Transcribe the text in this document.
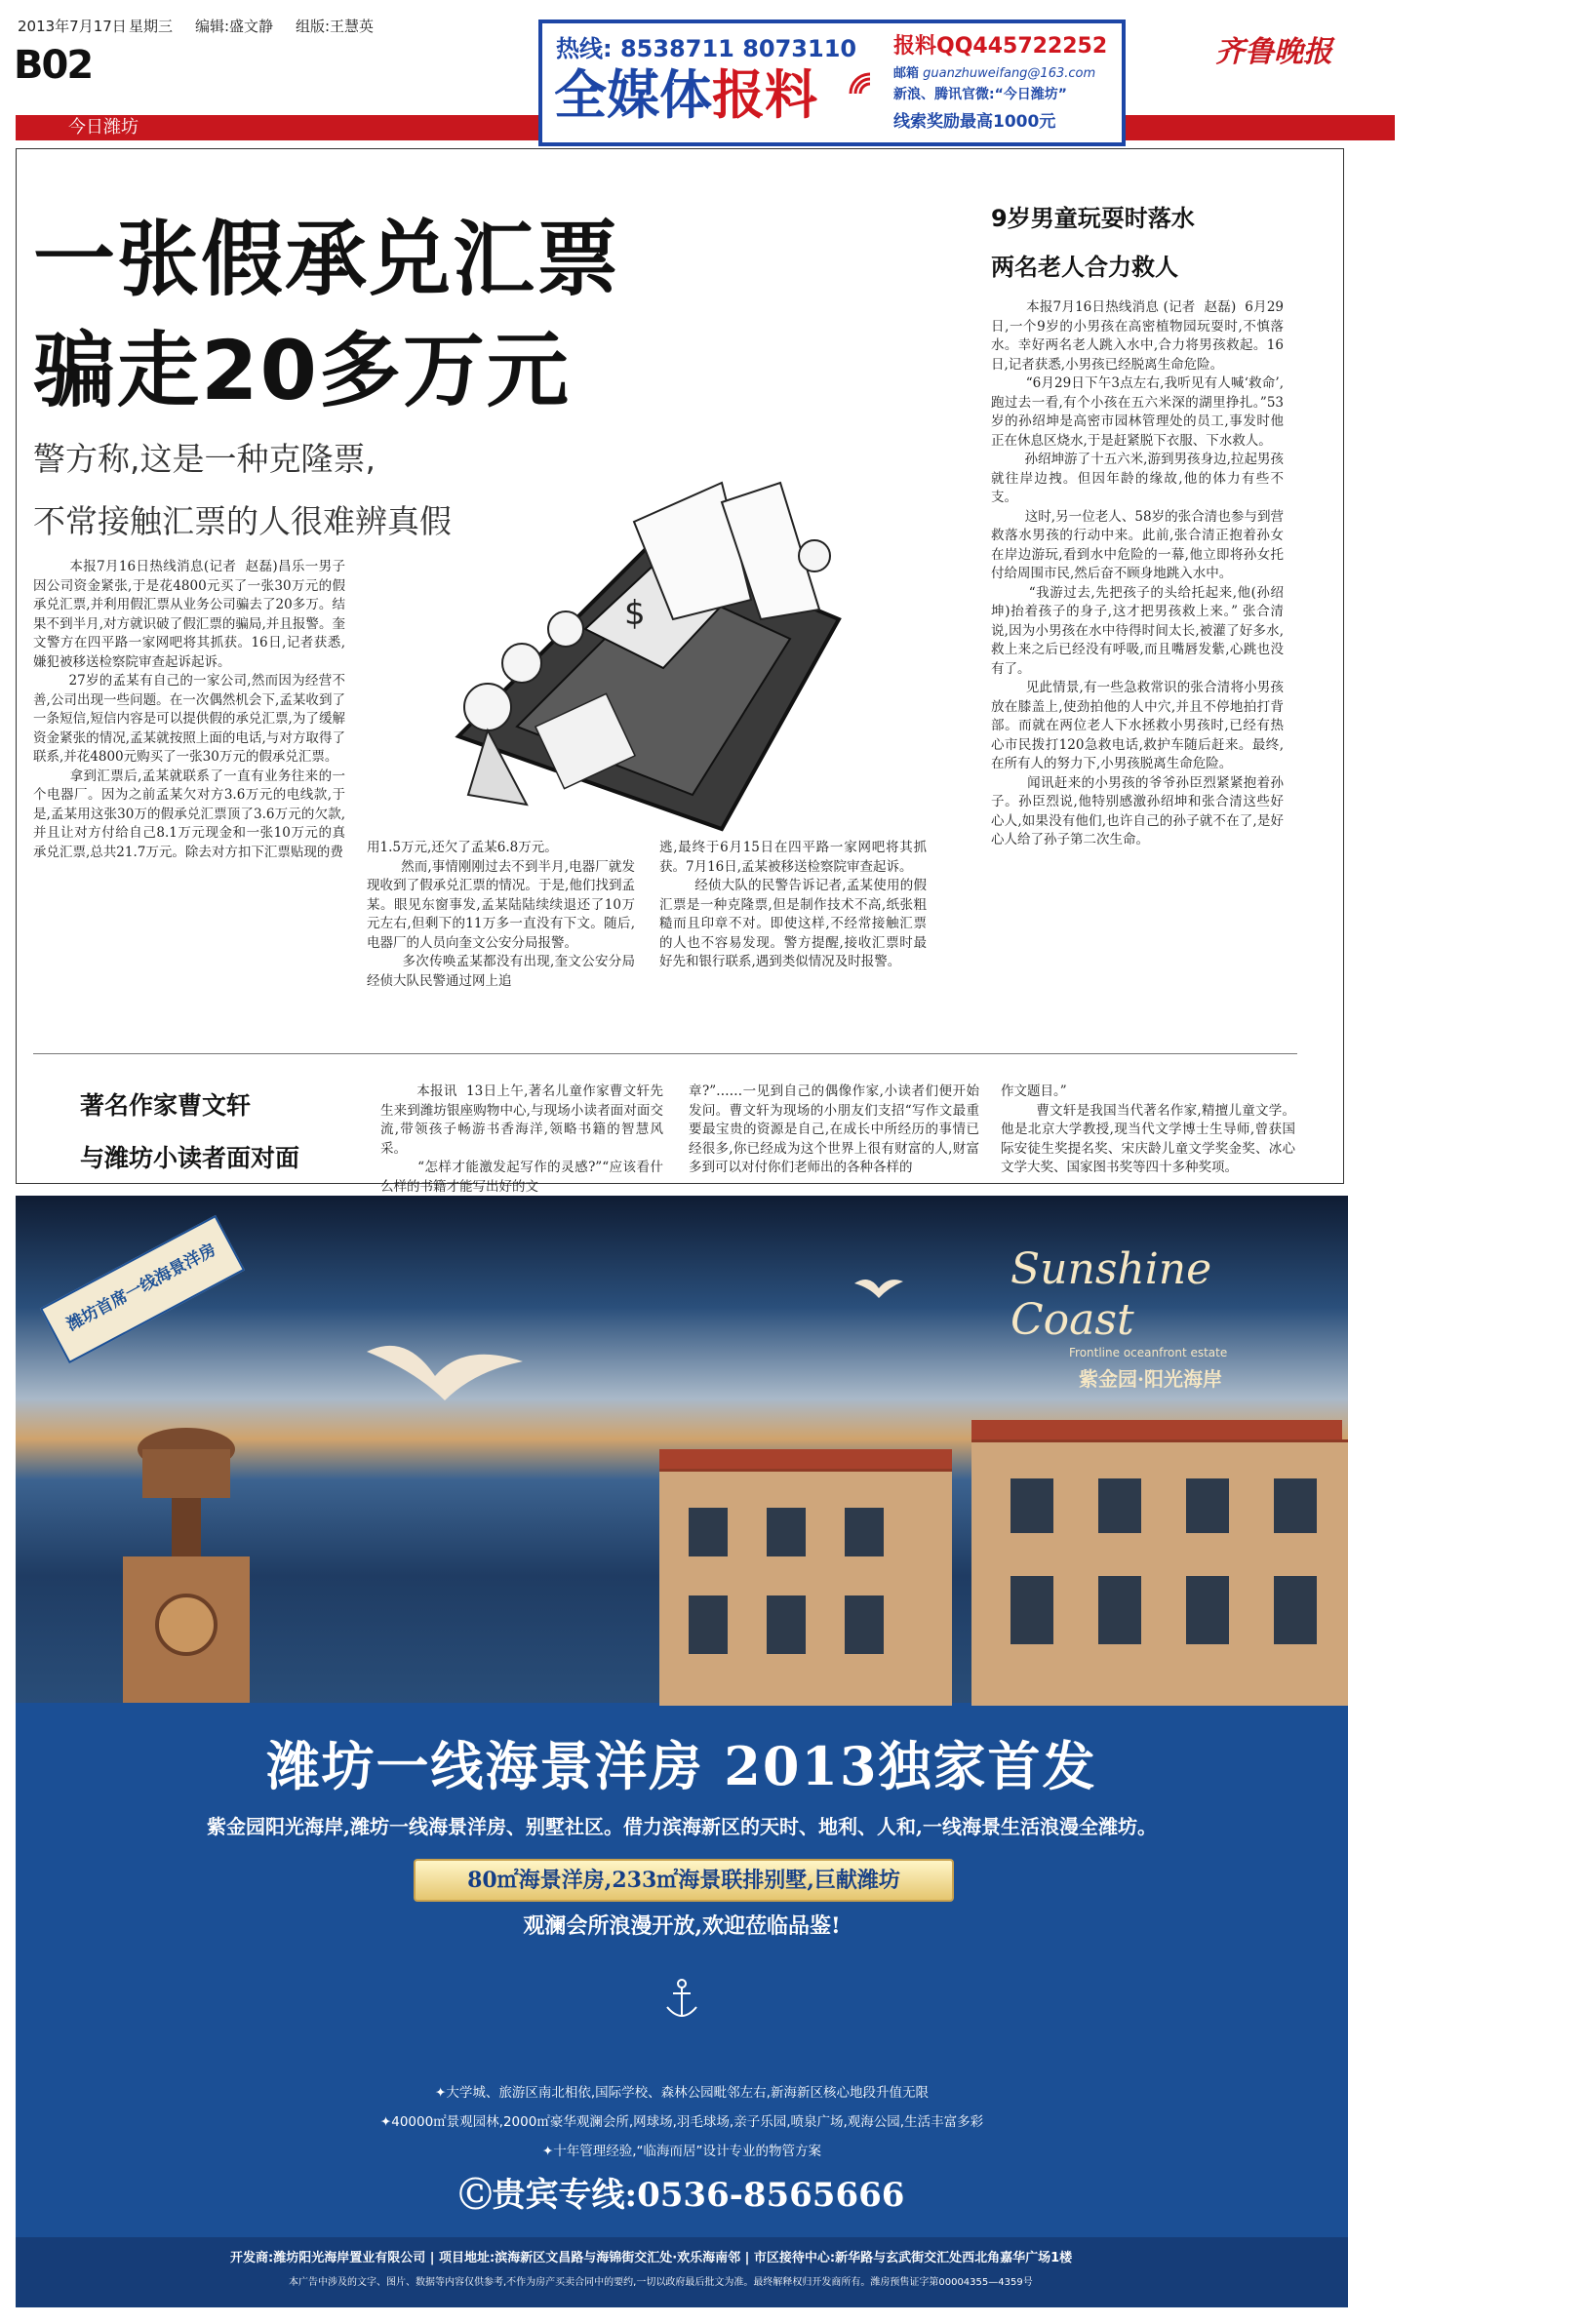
2013年7月17日 星期三 编辑:盛文静 组版:王慧英
B02
今日潍坊
齐鲁晚报
热线: 8538711 8073110
全媒体报料
报料QQ445722252
邮箱 guanzhuweifang@163.com
新浪、腾讯官微:“今日潍坊”
线索奖励最高1000元
一张假承兑汇票
骗走20多万元
警方称,这是一种克隆票,
不常接触汇票的人很难辨真假
$
本报7月16日热线消息(记者  赵磊)昌乐一男子因公司资金紧张,于是花4800元买了一张30万元的假承兑汇票,并利用假汇票从业务公司骗去了20多万。结果不到半月,对方就识破了假汇票的骗局,并且报警。奎文警方在四平路一家网吧将其抓获。16日,记者获悉,嫌犯被移送检察院审查起诉起诉。
27岁的孟某有自己的一家公司,然而因为经营不善,公司出现一些问题。在一次偶然机会下,孟某收到了一条短信,短信内容是可以提供假的承兑汇票,为了缓解资金紧张的情况,孟某就按照上面的电话,与对方取得了联系,并花4800元购买了一张30万元的假承兑汇票。
拿到汇票后,孟某就联系了一直有业务往来的一个电器厂。因为之前孟某欠对方3.6万元的电线款,于是,孟某用这张30万的假承兑汇票顶了3.6万元的欠款,并且让对方付给自己8.1万元现金和一张10万元的真承兑汇票,总共21.7万元。除去对方扣下汇票贴现的费 用1.5万元,还欠了孟某6.8万元。
然而,事情刚刚过去不到半月,电器厂就发现收到了假承兑汇票的情况。于是,他们找到孟某。眼见东窗事发,孟某陆陆续续退还了10万元左右,但剩下的11万多一直没有下文。随后,电器厂的人员向奎文公安分局报警。
多次传唤孟某都没有出现,奎文公安分局经侦大队民警通过网上追
逃,最终于6月15日在四平路一家网吧将其抓获。7月16日,孟某被移送检察院审查起诉。
经侦大队的民警告诉记者,孟某使用的假汇票是一种克隆票,但是制作技术不高,纸张粗糙而且印章不对。即使这样,不经常接触汇票的人也不容易发现。警方提醒,接收汇票时最好先和银行联系,遇到类似情况及时报警。
9岁男童玩耍时落水
两名老人合力救人
本报7月16日热线消息 (记者  赵磊)  6月29日,一个9岁的小男孩在高密植物园玩耍时,不慎落水。幸好两名老人跳入水中,合力将男孩救起。16日,记者获悉,小男孩已经脱离生命危险。
“6月29日下午3点左右,我听见有人喊‘救命’,跑过去一看,有个小孩在五六米深的湖里挣扎。”53岁的孙绍坤是高密市园林管理处的员工,事发时他正在休息区烧水,于是赶紧脱下衣服、下水救人。
孙绍坤游了十五六米,游到男孩身边,拉起男孩就往岸边拽。但因年龄的缘故,他的体力有些不支。
这时,另一位老人、58岁的张合清也参与到营救落水男孩的行动中来。此前,张合清正抱着孙女在岸边游玩,看到水中危险的一幕,他立即将孙女托付给周围市民,然后奋不顾身地跳入水中。
“我游过去,先把孩子的头给托起来,他(孙绍坤)抬着孩子的身子,这才把男孩救上来。” 张合清说,因为小男孩在水中待得时间太长,被灌了好多水,救上来之后已经没有呼吸,而且嘴唇发紫,心跳也没有了。
见此情景,有一些急救常识的张合清将小男孩放在膝盖上,使劲拍他的人中穴,并且不停地拍打背部。而就在两位老人下水拯救小男孩时,已经有热心市民拨打120急救电话,救护车随后赶来。最终,在所有人的努力下,小男孩脱离生命危险。
闻讯赶来的小男孩的爷爷孙臣烈紧紧抱着孙子。孙臣烈说,他特别感激孙绍坤和张合清这些好心人,如果没有他们,也许自己的孙子就不在了,是好心人给了孙子第二次生命。
著名作家曹文轩
与潍坊小读者面对面
本报讯  13日上午,著名儿童作家曹文轩先生来到潍坊银座购物中心,与现场小读者面对面交流,带领孩子畅游书香海洋,领略书籍的智慧风采。
“怎样才能激发起写作的灵感?”“应该看什么样的书籍才能写出好的文
章?”……一见到自己的偶像作家,小读者们便开始发问。曹文轩为现场的小朋友们支招“写作文最重要最宝贵的资源是自己,在成长中所经历的事情已经很多,你已经成为这个世界上很有财富的人,财富多到可以对付你们老师出的各种各样的
作文题目。”
曹文轩是我国当代著名作家,精擅儿童文学。他是北京大学教授,现当代文学博士生导师,曾获国际安徒生奖提名奖、宋庆龄儿童文学奖金奖、冰心文学大奖、国家图书奖等四十多种奖项。
潍坊首席一线海景洋房	Sunshine Coast
Frontline oceanfront estate
紫金园·阳光海岸
潍坊一线海景洋房 2013独家首发
紫金园阳光海岸,潍坊一线海景洋房、别墅社区。借力滨海新区的天时、地利、人和,一线海景生活浪漫全潍坊。
80㎡海景洋房,233㎡海景联排别墅,巨献潍坊
观澜会所浪漫开放,欢迎莅临品鉴!
✦大学城、旅游区南北相依,国际学校、森林公园毗邻左右,新海新区核心地段升值无限
✦40000㎡景观园林,2000㎡豪华观澜会所,网球场,羽毛球场,亲子乐园,喷泉广场,观海公园,生活丰富多彩
✦十年管理经验,“临海而居”设计专业的物管方案
Ⓒ贵宾专线:0536-8565666
开发商:潍坊阳光海岸置业有限公司 | 项目地址:滨海新区文昌路与海锦街交汇处·欢乐海南邻 | 市区接待中心:新华路与玄武街交汇处西北角嘉华广场1楼
本广告中涉及的文字、图片、数据等内容仅供参考,不作为房产买卖合同中的要约,一切以政府最后批文为准。最终解释权归开发商所有。潍房预售证字第00004355—4359号
